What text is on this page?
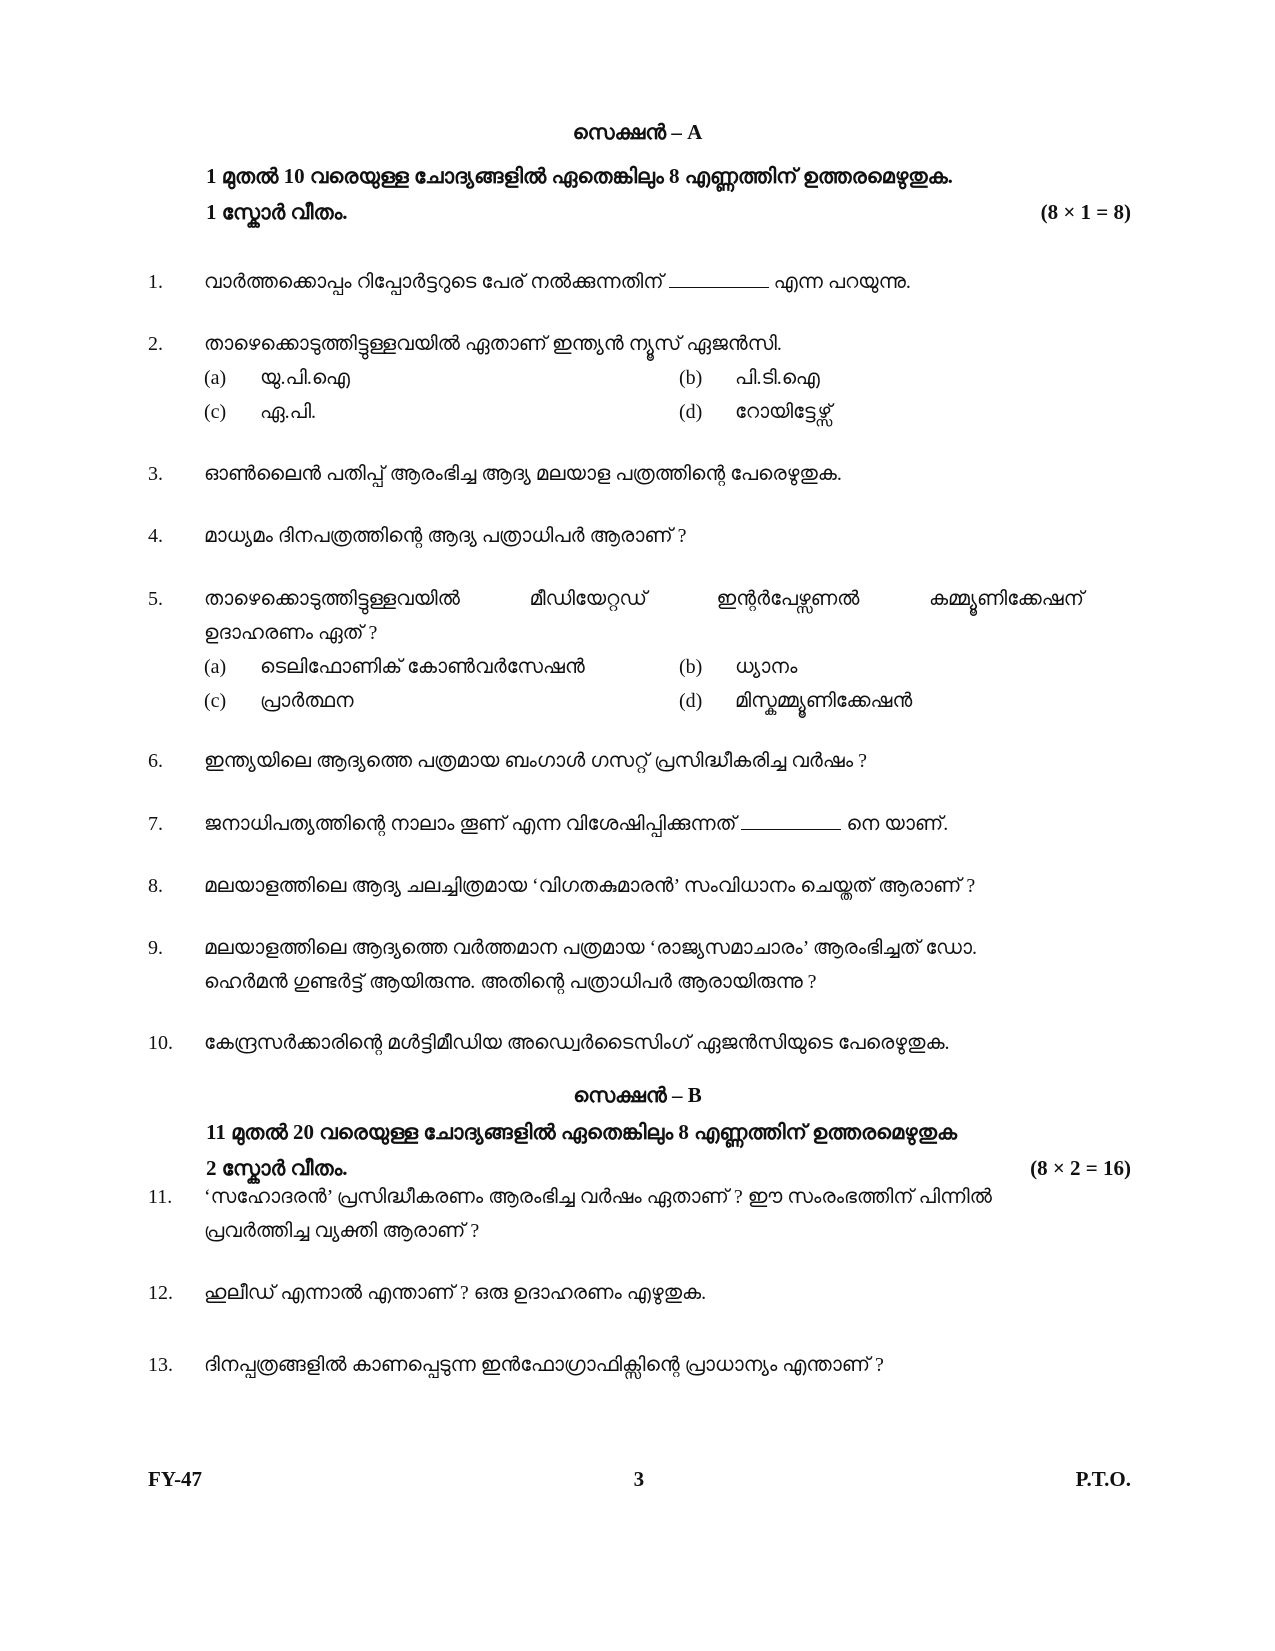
സെക്ഷൻ – A
1 മുതൽ 10 വരെയുള്ള ചോദ്യങ്ങളിൽ ഏതെങ്കിലും 8 എണ്ണത്തിന് ഉത്തരമെഴുതുക.
1 സ്കോർ വീതം.	(8 × 1 = 8)
1.	വാർത്തക്കൊപ്പം റിപ്പോർട്ടറുടെ പേര് നൽക്കുന്നതിന്	എന്ന പറയുന്നു.
2.	താഴെക്കൊടുത്തിട്ടുള്ളവയിൽ ഏതാണ് ഇന്ത്യൻ ന്യൂസ് ഏജൻസി.
(a)	യു.പി.ഐ	(b)	പി.ടി.ഐ
(c)	ഏ.പി.	(d)	റോയിട്ടേഴ്സ്
3.	ഓൺലൈൻ പതിപ്പ് ആരംഭിച്ച ആദ്യ മലയാള പത്രത്തിന്റെ പേരെഴുതുക.
4.	മാധ്യമം ദിനപത്രത്തിന്റെ ആദ്യ പത്രാധിപർ ആരാണ് ?
5.	താഴെക്കൊടുത്തിട്ടുള്ളവയിൽ മീഡിയേറ്റഡ് ഇന്റർപേഴ്സണൽ കമ്മ്യൂണിക്കേഷന്
ഉദാഹരണം ഏത് ?
(a)	ടെലിഫോണിക് കോൺവർസേഷൻ	(b)	ധ്യാനം
(c)	പ്രാർത്ഥന	(d)	മിസ്കമ്മ്യൂണിക്കേഷൻ
6.	ഇന്ത്യയിലെ ആദ്യത്തെ പത്രമായ ബംഗാൾ ഗസറ്റ് പ്രസിദ്ധീകരിച്ച വർഷം ?
7.	ജനാധിപത്യത്തിന്റെ നാലാം തൂണ് എന്ന വിശേഷിപ്പിക്കുന്നത്	നെ യാണ്.
8.	മലയാളത്തിലെ ആദ്യ ചലച്ചിത്രമായ ‘വിഗതകുമാരൻ’ സംവിധാനം ചെയ്തത് ആരാണ് ?
9.	മലയാളത്തിലെ ആദ്യത്തെ വർത്തമാന പത്രമായ ‘രാജ്യസമാചാരം’ ആരംഭിച്ചത് ഡോ.
ഹെർമൻ ഗുണ്ടർട്ട് ആയിരുന്നു. അതിന്റെ പത്രാധിപർ ആരായിരുന്നു ?
10.	കേന്ദ്രസർക്കാരിന്റെ മൾട്ടിമീഡിയ അഡ്വെർടൈസിംഗ് ഏജൻസിയുടെ പേരെഴുതുക.
സെക്ഷൻ – B
11 മുതൽ 20 വരെയുള്ള ചോദ്യങ്ങളിൽ ഏതെങ്കിലും 8 എണ്ണത്തിന് ഉത്തരമെഴുതുക
2 സ്കോർ വീതം.	(8 × 2 = 16)
11.	‘സഹോദരൻ’ പ്രസിദ്ധീകരണം ആരംഭിച്ച വർഷം ഏതാണ് ? ഈ സംരംഭത്തിന് പിന്നിൽ
പ്രവർത്തിച്ച വ്യക്തി ആരാണ് ?
12.	ഹുലീഡ് എന്നാൽ എന്താണ് ? ഒരു ഉദാഹരണം എഴുതുക.
13.	ദിനപ്പത്രങ്ങളിൽ കാണപ്പെടുന്ന ഇൻഫോഗ്രാഫിക്സിന്റെ പ്രാധാന്യം എന്താണ് ?
FY-47	3	P.T.O.
